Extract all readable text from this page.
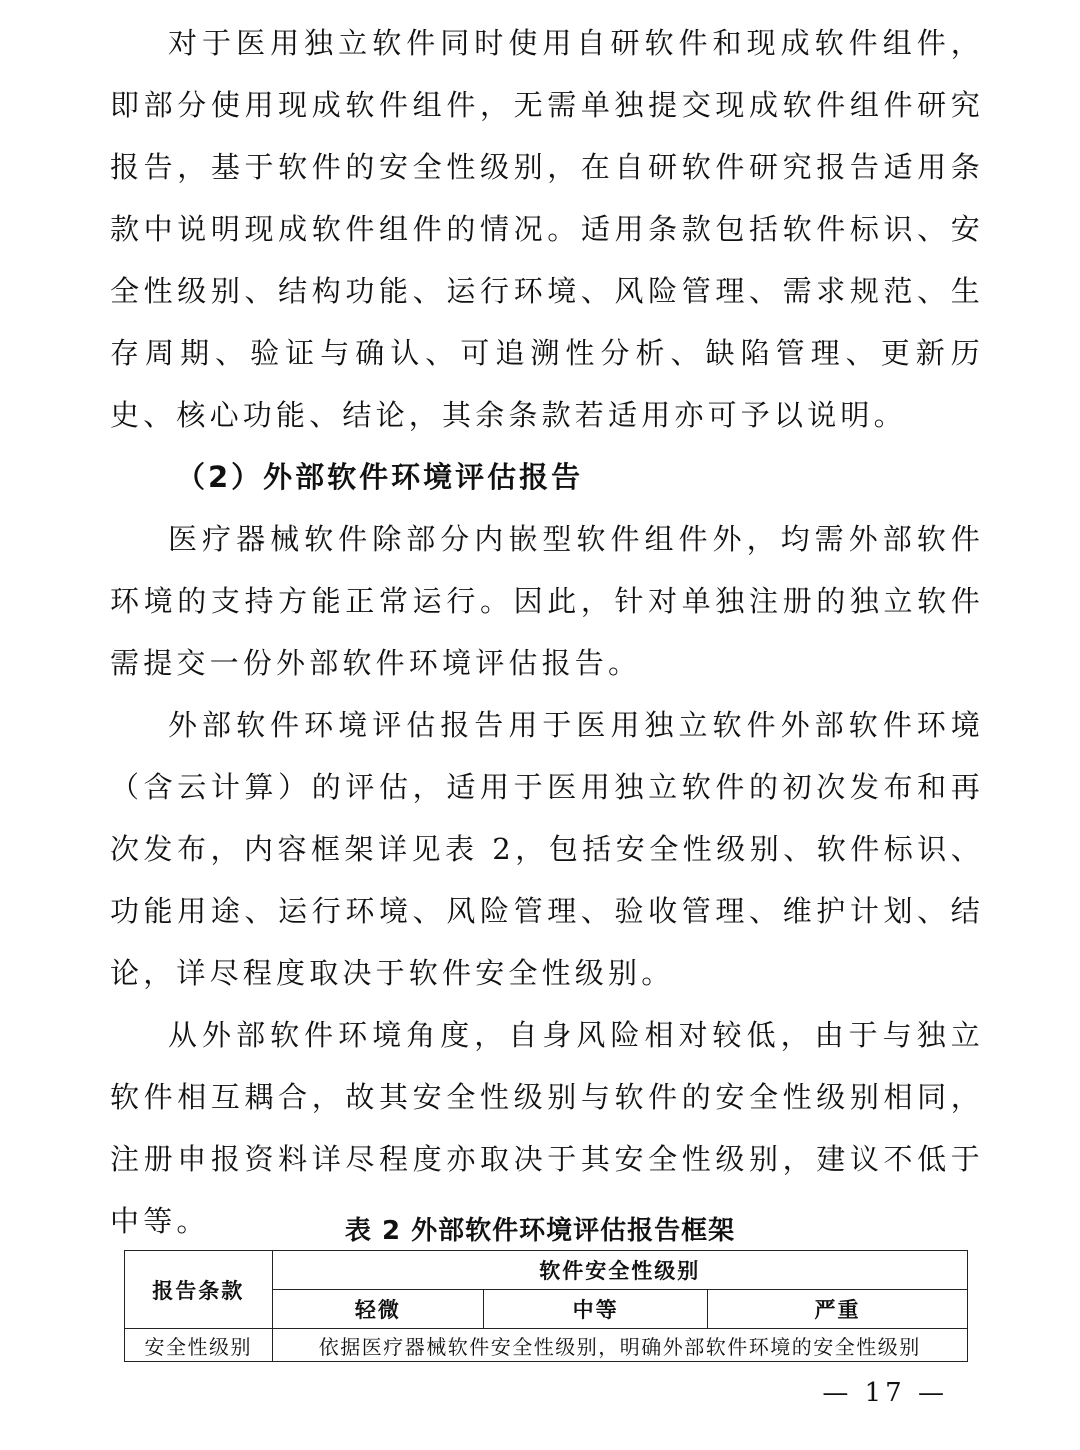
对于医用独立软件同时使用自研软件和现成软件组件，即部分使用现成软件组件，无需单独提交现成软件组件研究报告，基于软件的安全性级别，在自研软件研究报告适用条款中说明现成软件组件的情况。适用条款包括软件标识、安全性级别、结构功能、运行环境、风险管理、需求规范、生存周期、验证与确认、可追溯性分析、缺陷管理、更新历史、核心功能、结论，其余条款若适用亦可予以说明。

（2）外部软件环境评估报告

医疗器械软件除部分内嵌型软件组件外，均需外部软件环境的支持方能正常运行。因此，针对单独注册的独立软件需提交一份外部软件环境评估报告。

外部软件环境评估报告用于医用独立软件外部软件环境（含云计算）的评估，适用于医用独立软件的初次发布和再次发布，内容框架详见表 2，包括安全性级别、软件标识、功能用途、运行环境、风险管理、验收管理、维护计划、结论，详尽程度取决于软件安全性级别。

从外部软件环境角度，自身风险相对较低，由于与独立软件相互耦合，故其安全性级别与软件的安全性级别相同，注册申报资料详尽程度亦取决于其安全性级别，建议不低于中等。	表 2 外部软件环境评估报告框架
报告条款	软件安全性级别		
	轻微	中等	严重
安全性级别	依据医疗器械软件安全性级别，明确外部软件环境的安全性级别		
— 17 —
